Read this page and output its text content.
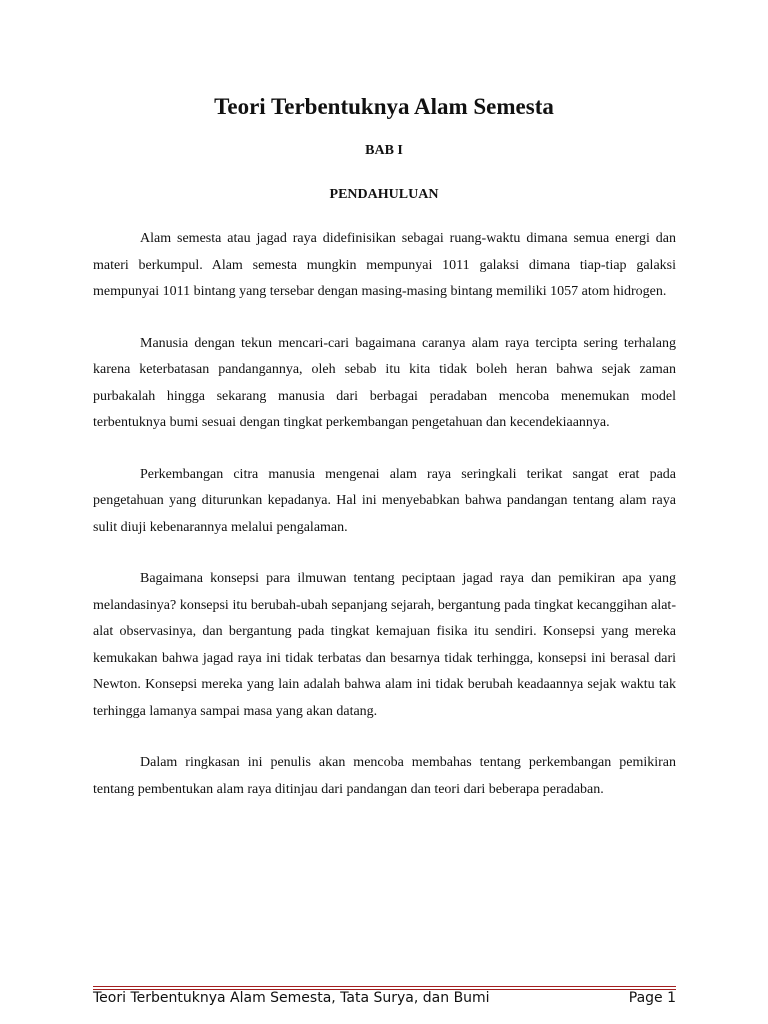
Teori Terbentuknya Alam Semesta
BAB I
PENDAHULUAN

Alam semesta atau jagad raya didefinisikan sebagai ruang-waktu dimana semua energi dan materi berkumpul. Alam semesta mungkin mempunyai 1011 galaksi dimana tiap-tiap galaksi mempunyai 1011 bintang yang tersebar dengan masing-masing bintang memiliki 1057 atom hidrogen.

Manusia dengan tekun mencari-cari bagaimana caranya alam raya tercipta sering terhalang karena keterbatasan pandangannya, oleh sebab itu kita tidak boleh heran bahwa sejak zaman purbakalah hingga sekarang manusia dari berbagai peradaban mencoba menemukan model terbentuknya bumi sesuai dengan tingkat perkembangan pengetahuan dan kecendekiaannya.

Perkembangan citra manusia mengenai alam raya seringkali terikat sangat erat pada pengetahuan yang diturunkan kepadanya. Hal ini menyebabkan bahwa pandangan tentang alam raya sulit diuji kebenarannya melalui pengalaman.

Bagaimana konsepsi para ilmuwan tentang peciptaan jagad raya dan pemikiran apa yang melandasinya? konsepsi itu berubah-ubah sepanjang sejarah, bergantung pada tingkat kecanggihan alat-alat observasinya, dan bergantung pada tingkat kemajuan fisika itu sendiri. Konsepsi yang mereka kemukakan bahwa jagad raya ini tidak terbatas dan besarnya tidak terhingga, konsepsi ini berasal dari Newton. Konsepsi mereka yang lain adalah bahwa alam ini tidak berubah keadaannya sejak waktu tak terhingga lamanya sampai masa yang akan datang.

Dalam ringkasan ini penulis akan mencoba membahas tentang perkembangan pemikiran tentang pembentukan alam raya ditinjau dari pandangan dan teori dari beberapa peradaban.

Teori Terbentuknya Alam Semesta, Tata Surya, dan Bumi	Page 1
